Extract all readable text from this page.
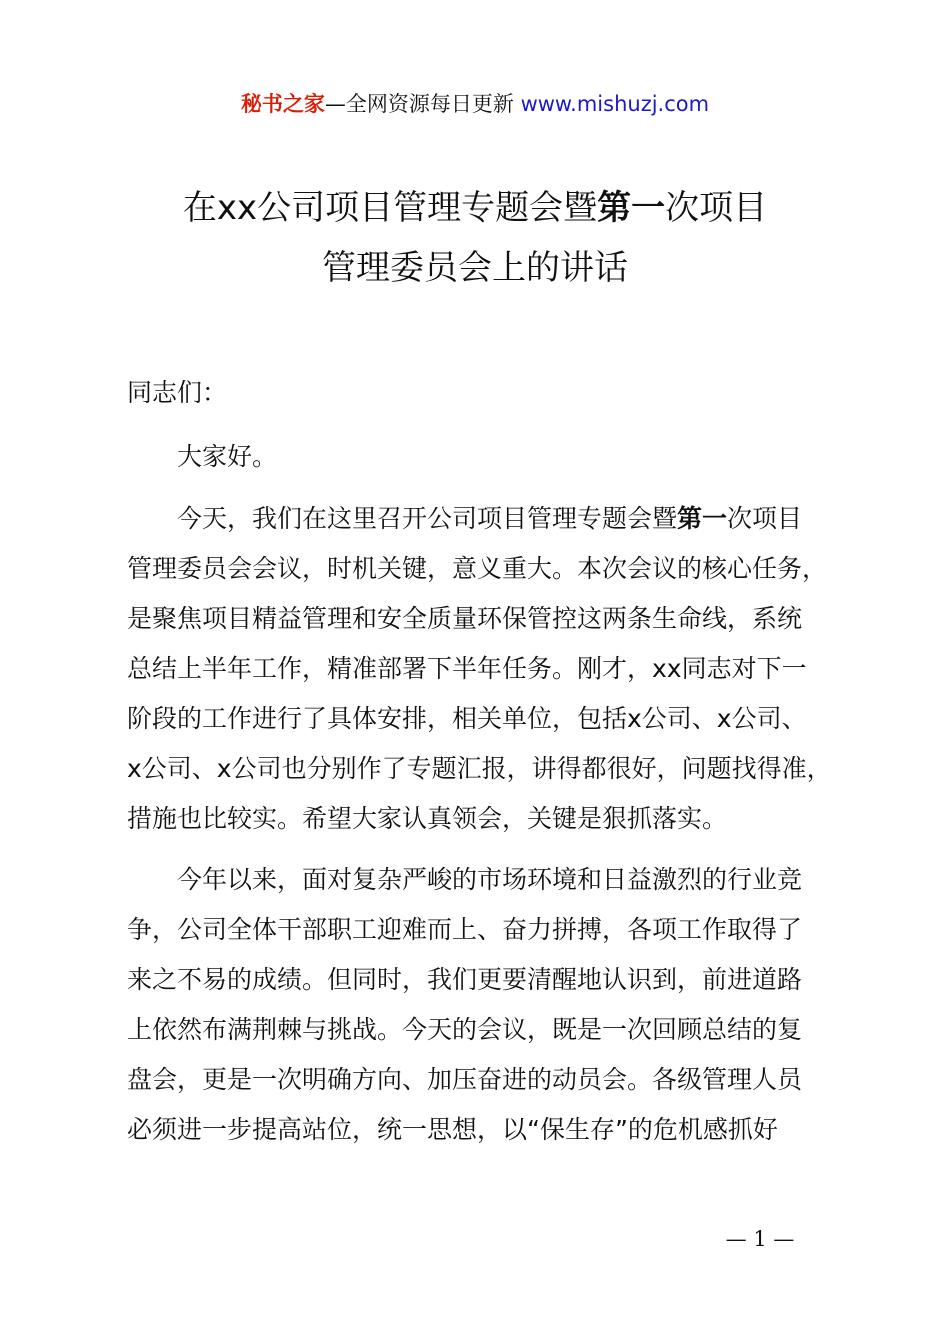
秘书之家—全网资源每日更新 www.mishuzj.com
在xx公司项目管理专题会暨第一次项目
管理委员会上的讲话

同志们：

大家好。

今天，我们在这里召开公司项目管理专题会暨第一次项目
管理委员会会议，时机关键，意义重大。本次会议的核心任务，
是聚焦项目精益管理和安全质量环保管控这两条生命线，系统
总结上半年工作，精准部署下半年任务。刚才，xx同志对下一
阶段的工作进行了具体安排，相关单位，包括x公司、x公司、
x公司、x公司也分别作了专题汇报，讲得都很好，问题找得准，
措施也比较实。希望大家认真领会，关键是狠抓落实。
今年以来，面对复杂严峻的市场环境和日益激烈的行业竞
争，公司全体干部职工迎难而上、奋力拼搏，各项工作取得了
来之不易的成绩。但同时，我们更要清醒地认识到，前进道路
上依然布满荆棘与挑战。今天的会议，既是一次回顾总结的复
盘会，更是一次明确方向、加压奋进的动员会。各级管理人员
必须进一步提高站位，统一思想，以“保生存”的危机感抓好
— 1 —
